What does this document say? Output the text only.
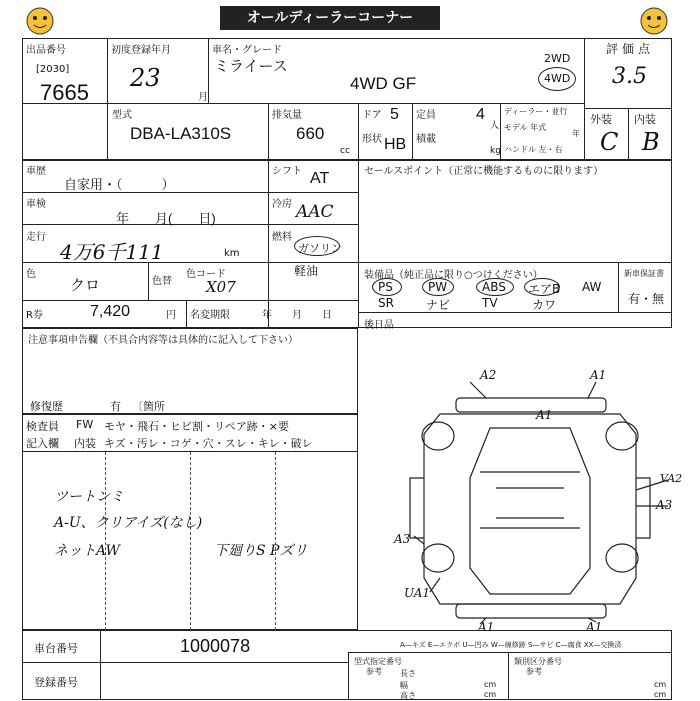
オールディーラーコーナー
出品番号
[2030]
7665
初度登録年月
23
月
車名・グレード
ミライース
4WD GF
2WD
4WD
評価点
3.5
外装 内装
C B
型式
DBA-LA310S
排気量
660
cc
ドア 5
形状 HB
定員	4
人
積載
kg
ディーラー・並行
モデル 年式
年
ハンドル 左・右
車歴
自家用・（　　　）
シフト AT
車検
年　　月(　　日)
冷房 AAC
走行
4万6千111	km
燃料
ガソリン
軽油
色
クロ	色替
色コード
X07
R券	7,420	円 名変期限	年　　月　　日
セールスポイント（正常に機能するものに限ります）
装備品（純正品に限り○つけください）
PS	PW	ABS エアB AW
SR	ナビ	TV	カワ
新車保証書
有・無
後日品
注意事項申告欄（不具合内容等は具体的に記入して下さい）
修復歴	有 〔箇所
検査員
記入欄
FW モヤ・飛石・ヒビ割・リペア跡・×要
内装 キズ・汚レ・コゲ・穴・スレ・キレ・破レ
ツートンミ
A-U、クリアイズ(なし)
ネットAW	下廻りS Pズリ
A2	A1
A1
VA2
A3
A3
UA1
A1	A1
A—キズ E—エクボ U—凹み W—線修跡 S—サビ C—腐食 XX—交換済
車台番号	1000078
登録番号
型式指定番号
参考
類別区分番号
参考
長さ
幅
高さ
cm
cm
cm
cm
